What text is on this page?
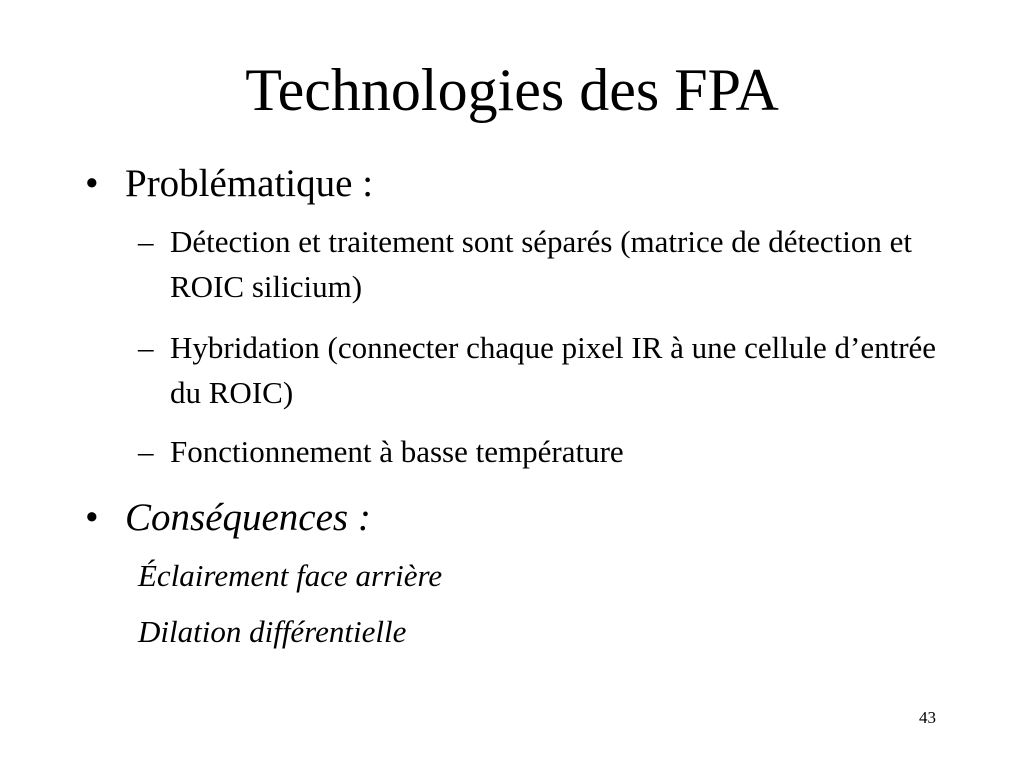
Technologies des FPA
• Problématique :
– Détection et traitement sont séparés (matrice de détection et ROIC silicium)
– Hybridation (connecter chaque pixel IR à une cellule d’entrée du ROIC)
– Fonctionnement à basse température
• Conséquences :
Éclairement face arrière
Dilation différentielle
43
